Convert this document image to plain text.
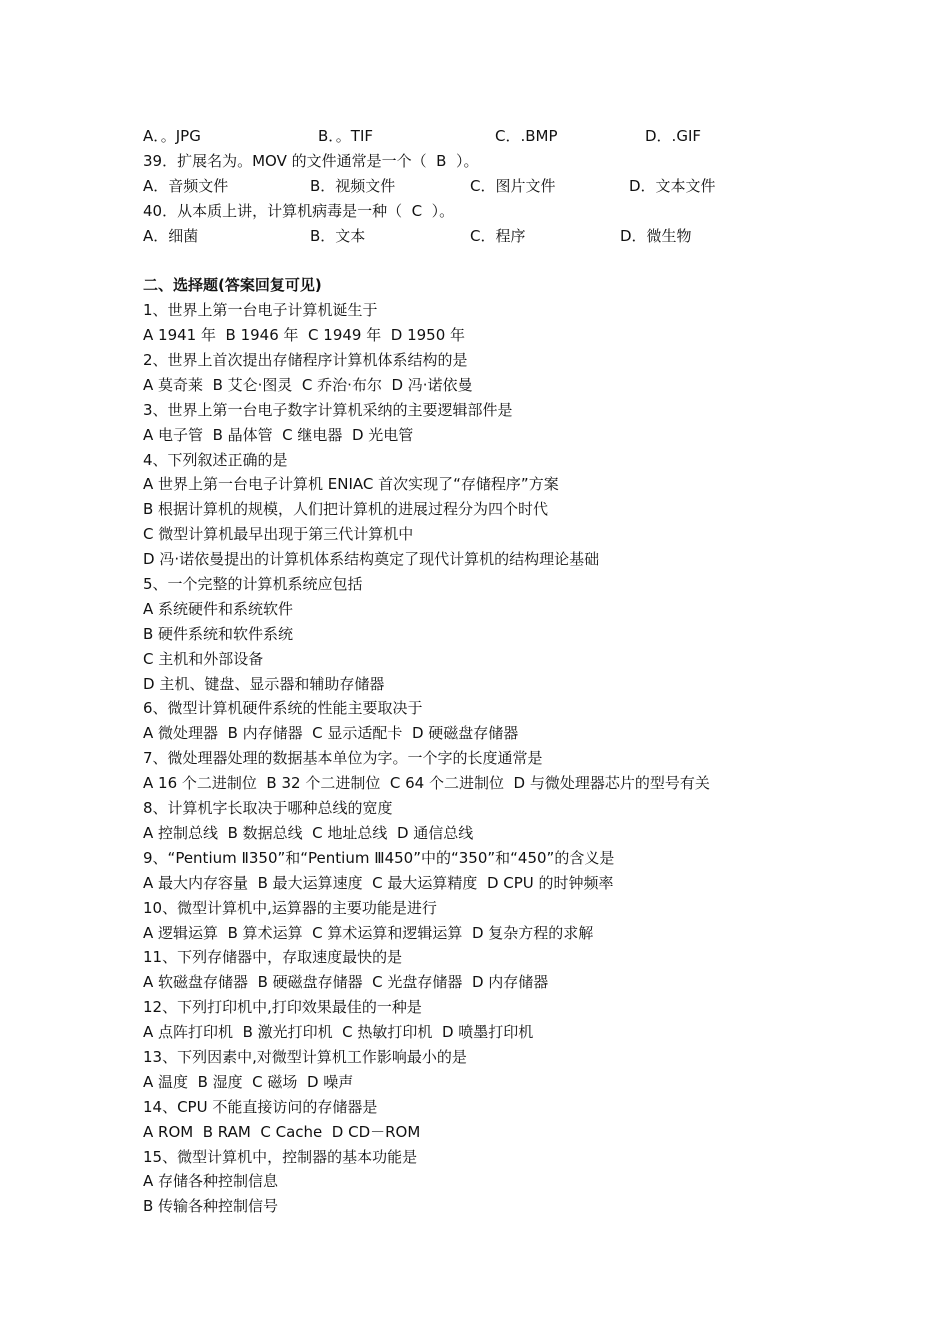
A．。JPG	B．。TIF	C．.BMP	D．.GIF
39．扩展名为。MOV 的文件通常是一个（  B  ）。
A．音频文件	B．视频文件	C．图片文件	D．文本文件
40．从本质上讲，计算机病毒是一种（  C  ）。
A．细菌	B．文本	C．程序	D．微生物
二、选择题(答案回复可见)
1、世界上第一台电子计算机诞生于
A 1941 年  B 1946 年  C 1949 年  D 1950 年
2、世界上首次提出存储程序计算机体系结构的是
A 莫奇莱  B 艾仑·图灵  C 乔治·布尔  D 冯·诺依曼
3、世界上第一台电子数字计算机采纳的主要逻辑部件是
A 电子管  B 晶体管  C 继电器  D 光电管
4、下列叙述正确的是
A 世界上第一台电子计算机 ENIAC 首次实现了“存储程序”方案
B 根据计算机的规模，人们把计算机的进展过程分为四个时代
C 微型计算机最早出现于第三代计算机中
D 冯·诺依曼提出的计算机体系结构奠定了现代计算机的结构理论基础
5、一个完整的计算机系统应包括
A 系统硬件和系统软件
B 硬件系统和软件系统
C 主机和外部设备
D 主机、键盘、显示器和辅助存储器
6、微型计算机硬件系统的性能主要取决于
A 微处理器  B 内存储器  C 显示适配卡  D 硬磁盘存储器
7、微处理器处理的数据基本单位为字。一个字的长度通常是
A 16 个二进制位  B 32 个二进制位  C 64 个二进制位  D 与微处理器芯片的型号有关
8、计算机字长取决于哪种总线的宽度
A 控制总线  B 数据总线  C 地址总线  D 通信总线
9、“Pentium Ⅱ350”和“Pentium Ⅲ450”中的“350”和“450”的含义是
A 最大内存容量  B 最大运算速度  C 最大运算精度  D CPU 的时钟频率
10、微型计算机中,运算器的主要功能是进行
A 逻辑运算  B 算术运算  C 算术运算和逻辑运算  D 复杂方程的求解
11、下列存储器中，存取速度最快的是
A 软磁盘存储器  B 硬磁盘存储器  C 光盘存储器  D 内存储器
12、下列打印机中,打印效果最佳的一种是
A 点阵打印机  B 激光打印机  C 热敏打印机  D 喷墨打印机
13、下列因素中,对微型计算机工作影响最小的是
A 温度  B 湿度  C 磁场  D 噪声
14、CPU 不能直接访问的存储器是
A ROM  B RAM  C Cache  D CD－ROM
15、微型计算机中，控制器的基本功能是
A 存储各种控制信息
B 传输各种控制信号
